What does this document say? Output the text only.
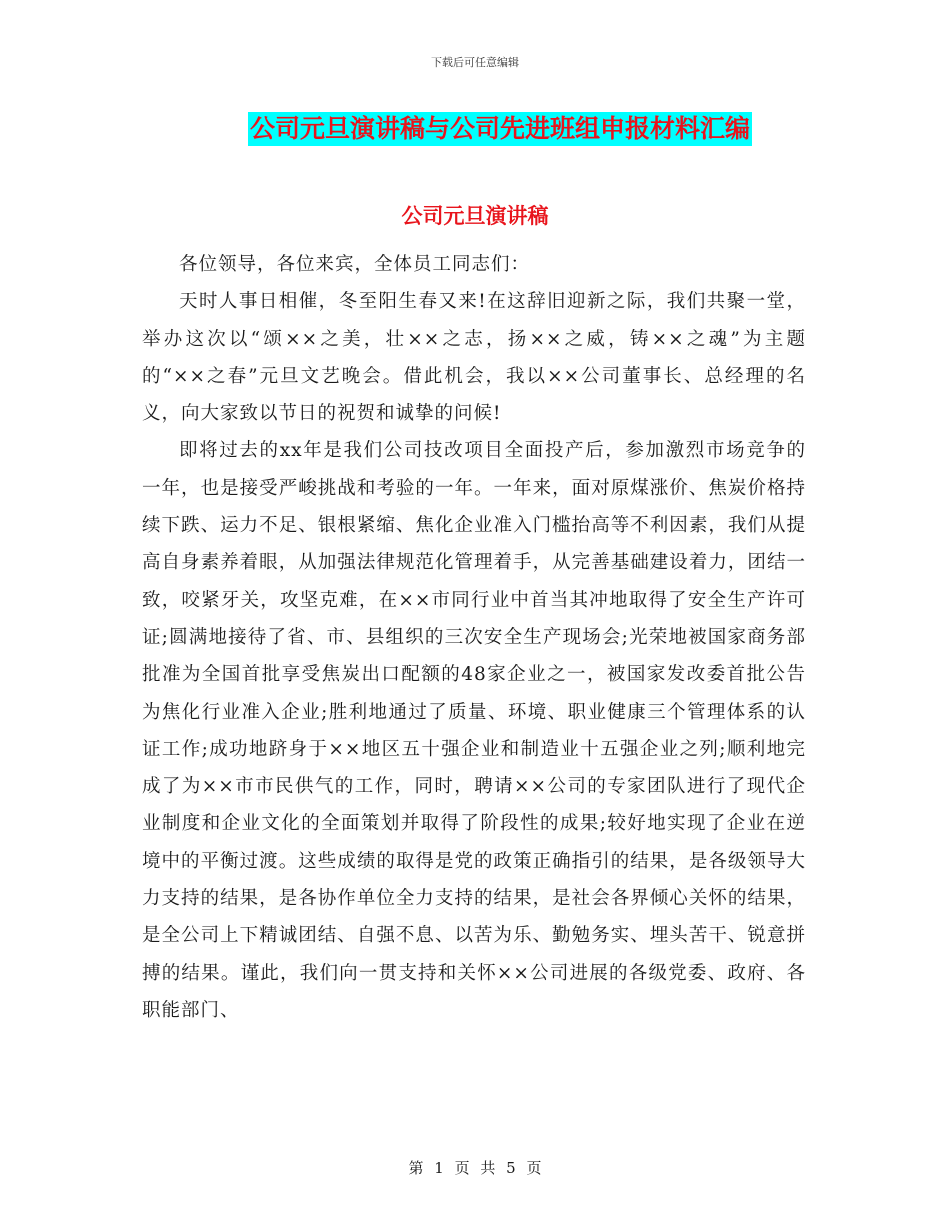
下载后可任意编辑
公司元旦演讲稿与公司先进班组申报材料汇编
公司元旦演讲稿

各位领导，各位来宾，全体员工同志们：

天时人事日相催，冬至阳生春又来!在这辞旧迎新之际，我们共聚一堂，举办这次以“颂××之美，壮××之志，扬××之威，铸××之魂”为主题的“××之春”元旦文艺晚会。借此机会，我以××公司董事长、总经理的名义，向大家致以节日的祝贺和诚挚的问候!

即将过去的xx年是我们公司技改项目全面投产后，参加激烈市场竞争的一年，也是接受严峻挑战和考验的一年。一年来，面对原煤涨价、焦炭价格持续下跌、运力不足、银根紧缩、焦化企业准入门槛抬高等不利因素，我们从提高自身素养着眼，从加强法律规范化管理着手，从完善基础建设着力，团结一致，咬紧牙关，攻坚克难，在××市同行业中首当其冲地取得了安全生产许可证;圆满地接待了省、市、县组织的三次安全生产现场会;光荣地被国家商务部批准为全国首批享受焦炭出口配额的48家企业之一，被国家发改委首批公告为焦化行业准入企业;胜利地通过了质量、环境、职业健康三个管理体系的认证工作;成功地跻身于××地区五十强企业和制造业十五强企业之列;顺利地完成了为××市市民供气的工作，同时，聘请××公司的专家团队进行了现代企业制度和企业文化的全面策划并取得了阶段性的成果;较好地实现了企业在逆境中的平衡过渡。这些成绩的取得是党的政策正确指引的结果，是各级领导大力支持的结果，是各协作单位全力支持的结果，是社会各界倾心关怀的结果，是全公司上下精诚团结、自强不息、以苦为乐、勤勉务实、埋头苦干、锐意拼搏的结果。谨此，我们向一贯支持和关怀××公司进展的各级党委、政府、各职能部门、

第 1 页 共 5 页
